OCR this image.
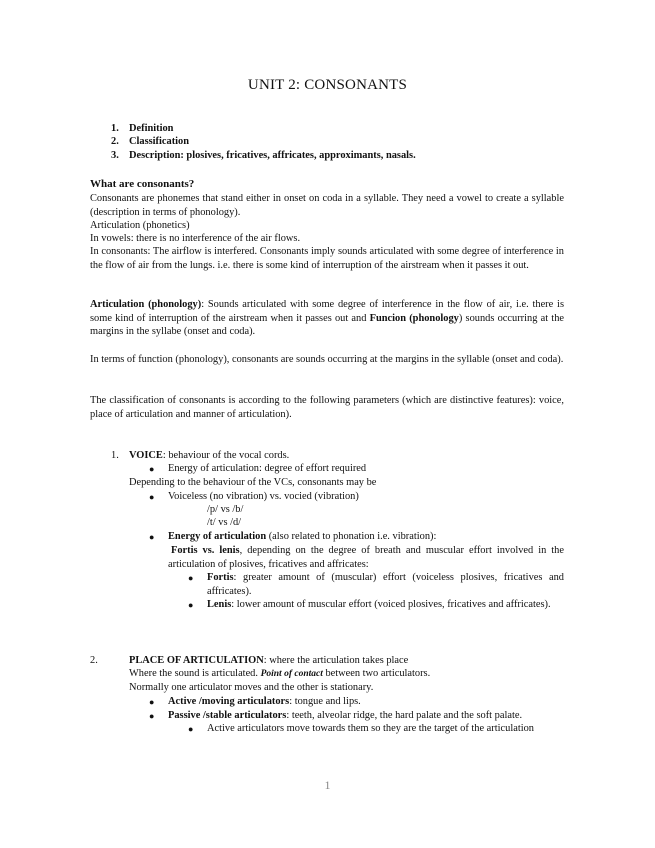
UNIT 2: CONSONANTS
1. Definition
2. Classification
3. Description: plosives, fricatives, affricates, approximants, nasals.
What are consonants?
Consonants are phonemes that stand either in onset on coda in a syllable. They need a vowel to create a syllable (description in terms of phonology).
Articulation (phonetics)
In vowels: there is no interference of the air flows.
In consonants: The airflow is interfered. Consonants imply sounds articulated with some degree of interference in the flow of air from the lungs. i.e. there is some kind of interruption of the airstream when it passes it out.
Articulation (phonology): Sounds articulated with some degree of interference in the flow of air, i.e. there is some kind of interruption of the airstream when it passes out and Funcion (phonology) sounds occurring at the margins in the syllabe (onset and coda).
In terms of function (phonology), consonants are sounds occurring at the margins in the syllable (onset and coda).
The classification of consonants is according to the following parameters (which are distinctive features): voice, place of articulation and manner of articulation).
1. VOICE: behaviour of the vocal cords.
● Energy of articulation: degree of effort required
Depending to the behaviour of the VCs, consonants may be
● Voiceless (no vibration) vs. vocied (vibration)
/p/ vs /b/
/t/ vs /d/
● Energy of articulation (also related to phonation i.e. vibration):
Fortis vs. lenis, depending on the degree of breath and muscular effort involved in the articulation of plosives, fricatives and affricates:
● Fortis: greater amount of (muscular) effort (voiceless plosives, fricatives and affricates).
● Lenis: lower amount of muscular effort (voiced plosives, fricatives and affricates).
2.	PLACE OF ARTICULATION: where the articulation takes place
Where the sound is articulated. Point of contact between two articulators.
Normally one articulator moves and the other is stationary.
● Active /moving articulators: tongue and lips.
● Passive /stable articulators: teeth, alveolar ridge, the hard palate and the soft palate.
● Active articulators move towards them so they are the target of the articulation
1
